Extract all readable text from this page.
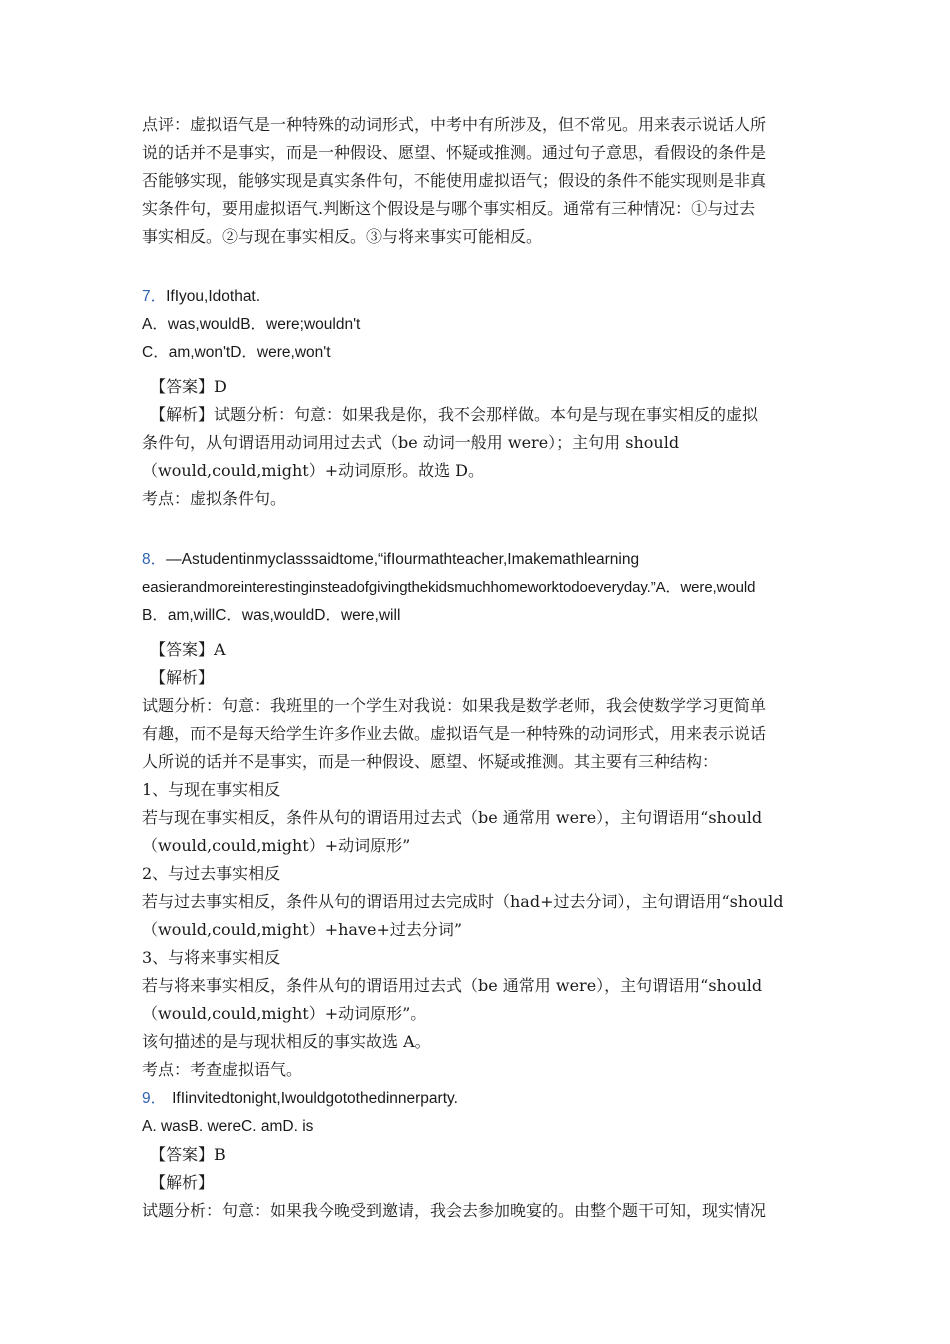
点评：虚拟语气是一种特殊的动词形式，中考中有所涉及，但不常见。用来表示说话人所
说的话并不是事实，而是一种假设、愿望、怀疑或推测。通过句子意思，看假设的条件是
否能够实现，能够实现是真实条件句，不能使用虚拟语气；假设的条件不能实现则是非真
实条件句，要用虚拟语气.判断这个假设是与哪个事实相反。通常有三种情况：①与过去
事实相反。②与现在事实相反。③与将来事实可能相反。
7．IfIyou,Idothat.
A．was,wouldB．were;wouldn't
C．am,won'tD．were,won't
【答案】D
【解析】试题分析：句意：如果我是你，我不会那样做。本句是与现在事实相反的虚拟
条件句，从句谓语用动词用过去式（be 动词一般用 were）；主句用 should
（would,could,might）+动词原形。故选 D。
考点：虚拟条件句。
8．—Astudentinmyclasssaidtome,“ifIourmathteacher,Imakemathlearning
easierandmoreinterestinginsteadofgivingthekidsmuchhomeworktodoeveryday.”A．were,would
B．am,willC．was,wouldD．were,will
【答案】A
【解析】
试题分析：句意：我班里的一个学生对我说：如果我是数学老师，我会使数学学习更简单
有趣，而不是每天给学生许多作业去做。虚拟语气是一种特殊的动词形式，用来表示说话
人所说的话并不是事实，而是一种假设、愿望、怀疑或推测。其主要有三种结构：
1、与现在事实相反
若与现在事实相反，条件从句的谓语用过去式（be 通常用 were），主句谓语用“should
（would,could,might）+动词原形”
2、与过去事实相反
若与过去事实相反，条件从句的谓语用过去完成时（had+过去分词），主句谓语用“should
（would,could,might）+have+过去分词”
3、与将来事实相反
若与将来事实相反，条件从句的谓语用过去式（be 通常用 were），主句谓语用“should
（would,could,might）+动词原形”。
该句描述的是与现状相反的事实故选 A。
考点：考查虚拟语气。
9． IfIinvitedtonight,Iwouldgotothedinnerparty.
A. wasB. wereC. amD. is
【答案】B
【解析】
试题分析：句意：如果我今晚受到邀请，我会去参加晚宴的。由整个题干可知，现实情况
